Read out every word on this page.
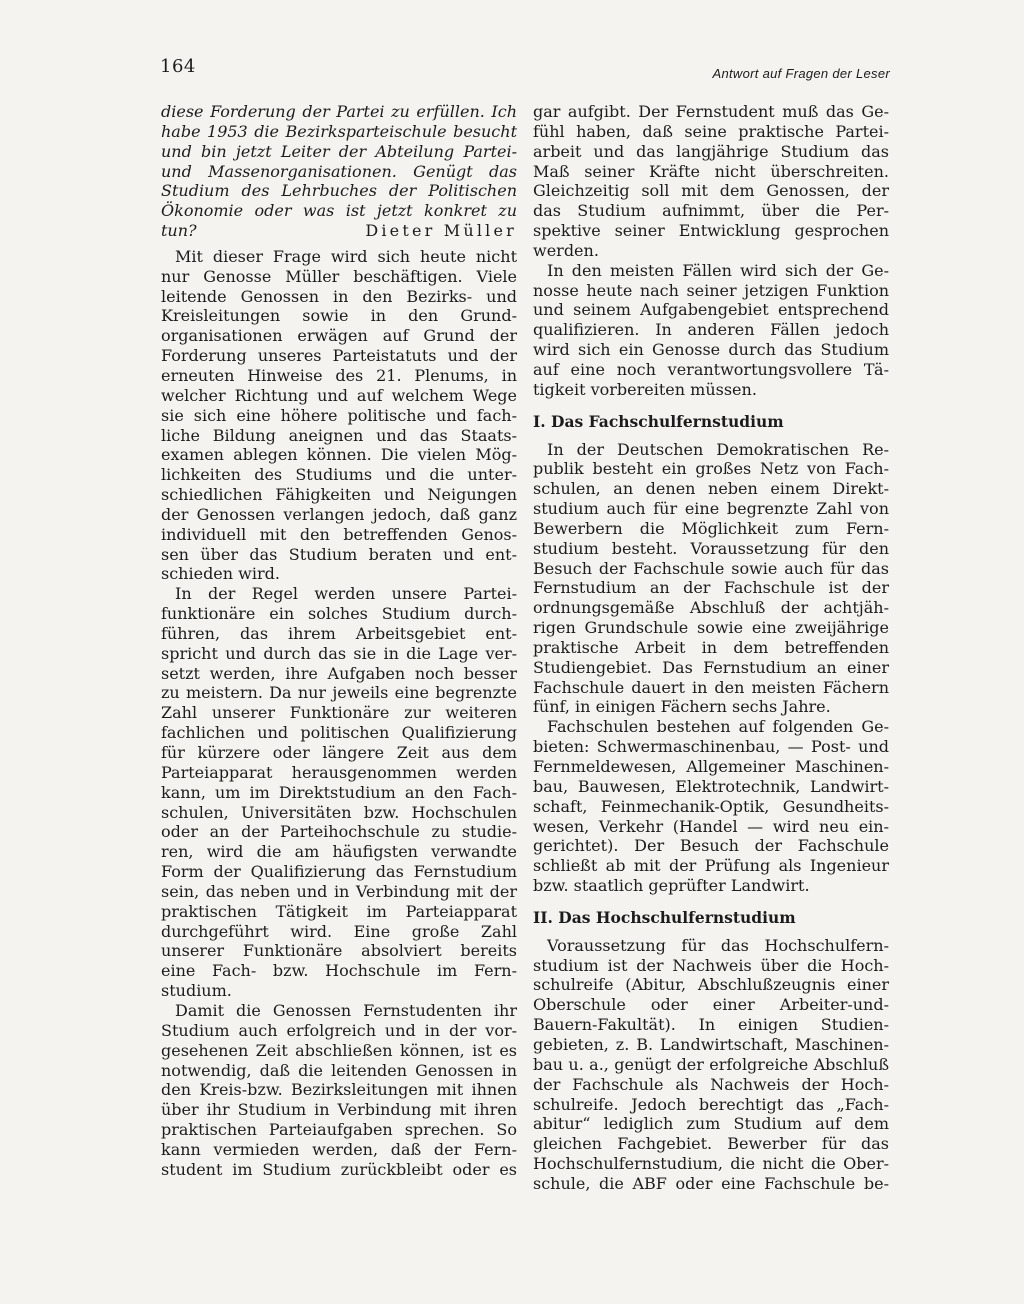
164	Antwort auf Fragen der Leser
diese Forderung der Partei zu erfüllen. Ich
habe 1953 die Bezirksparteischule besucht
und bin jetzt Leiter der Abteilung Partei-
und Massenorganisationen. Genügt das
Studium des Lehrbuches der Politischen
Ökonomie oder was ist jetzt konkret zu
tun?	Dieter Müller
Mit dieser Frage wird sich heute nicht
nur Genosse Müller beschäftigen. Viele
leitende Genossen in den Bezirks- und
Kreisleitungen sowie in den Grund-
organisationen erwägen auf Grund der
Forderung unseres Parteistatuts und der
erneuten Hinweise des 21. Plenums, in
welcher Richtung und auf welchem Wege
sie sich eine höhere politische und fach-
liche Bildung aneignen und das Staats-
examen ablegen können. Die vielen Mög-
lichkeiten des Studiums und die unter-
schiedlichen Fähigkeiten und Neigungen
der Genossen verlangen jedoch, daß ganz
individuell mit den betreffenden Genos-
sen über das Studium beraten und ent-
schieden wird.
In der Regel werden unsere Partei-
funktionäre ein solches Studium durch-
führen, das ihrem Arbeitsgebiet ent-
spricht und durch das sie in die Lage ver-
setzt werden, ihre Aufgaben noch besser
zu meistern. Da nur jeweils eine begrenzte
Zahl unserer Funktionäre zur weiteren
fachlichen und politischen Qualifizierung
für kürzere oder längere Zeit aus dem
Parteiapparat herausgenommen werden
kann, um im Direktstudium an den Fach-
schulen, Universitäten bzw. Hochschulen
oder an der Parteihochschule zu studie-
ren, wird die am häufigsten verwandte
Form der Qualifizierung das Fernstudium
sein, das neben und in Verbindung mit der
praktischen Tätigkeit im Parteiapparat
durchgeführt wird. Eine große Zahl
unserer Funktionäre absolviert bereits
eine Fach- bzw. Hochschule im Fern-
studium.
Damit die Genossen Fernstudenten ihr
Studium auch erfolgreich und in der vor-
gesehenen Zeit abschließen können, ist es
notwendig, daß die leitenden Genossen in
den Kreis-bzw. Bezirksleitungen mit ihnen
über ihr Studium in Verbindung mit ihren
praktischen Parteiaufgaben sprechen. So
kann vermieden werden, daß der Fern-
student im Studium zurückbleibt oder es
gar aufgibt. Der Fernstudent muß das Ge-
fühl haben, daß seine praktische Partei-
arbeit und das langjährige Studium das
Maß seiner Kräfte nicht überschreiten.
Gleichzeitig soll mit dem Genossen, der
das Studium aufnimmt, über die Per-
spektive seiner Entwicklung gesprochen
werden.
In den meisten Fällen wird sich der Ge-
nosse heute nach seiner jetzigen Funktion
und seinem Aufgabengebiet entsprechend
qualifizieren. In anderen Fällen jedoch
wird sich ein Genosse durch das Studium
auf eine noch verantwortungsvollere Tä-
tigkeit vorbereiten müssen.
I. Das Fachschulfernstudium
In der Deutschen Demokratischen Re-
publik besteht ein großes Netz von Fach-
schulen, an denen neben einem Direkt-
studium auch für eine begrenzte Zahl von
Bewerbern die Möglichkeit zum Fern-
studium besteht. Voraussetzung für den
Besuch der Fachschule sowie auch für das
Fernstudium an der Fachschule ist der
ordnungsgemäße Abschluß der achtjäh-
rigen Grundschule sowie eine zweijährige
praktische Arbeit in dem betreffenden
Studiengebiet. Das Fernstudium an einer
Fachschule dauert in den meisten Fächern
fünf, in einigen Fächern sechs Jahre.
Fachschulen bestehen auf folgenden Ge-
bieten: Schwermaschinenbau, — Post- und
Fernmeldewesen, Allgemeiner Maschinen-
bau, Bauwesen, Elektrotechnik, Landwirt-
schaft, Feinmechanik-Optik, Gesundheits-
wesen, Verkehr (Handel — wird neu ein-
gerichtet). Der Besuch der Fachschule
schließt ab mit der Prüfung als Ingenieur
bzw. staatlich geprüfter Landwirt.
II. Das Hochschulfernstudium
Voraussetzung für das Hochschulfern-
studium ist der Nachweis über die Hoch-
schulreife (Abitur, Abschlußzeugnis einer
Oberschule oder einer Arbeiter-und-
Bauern-Fakultät). In einigen Studien-
gebieten, z. B. Landwirtschaft, Maschinen-
bau u. a., genügt der erfolgreiche Abschluß
der Fachschule als Nachweis der Hoch-
schulreife. Jedoch berechtigt das „Fach-
abitur“ lediglich zum Studium auf dem
gleichen Fachgebiet. Bewerber für das
Hochschulfernstudium, die nicht die Ober-
schule, die ABF oder eine Fachschule be-
